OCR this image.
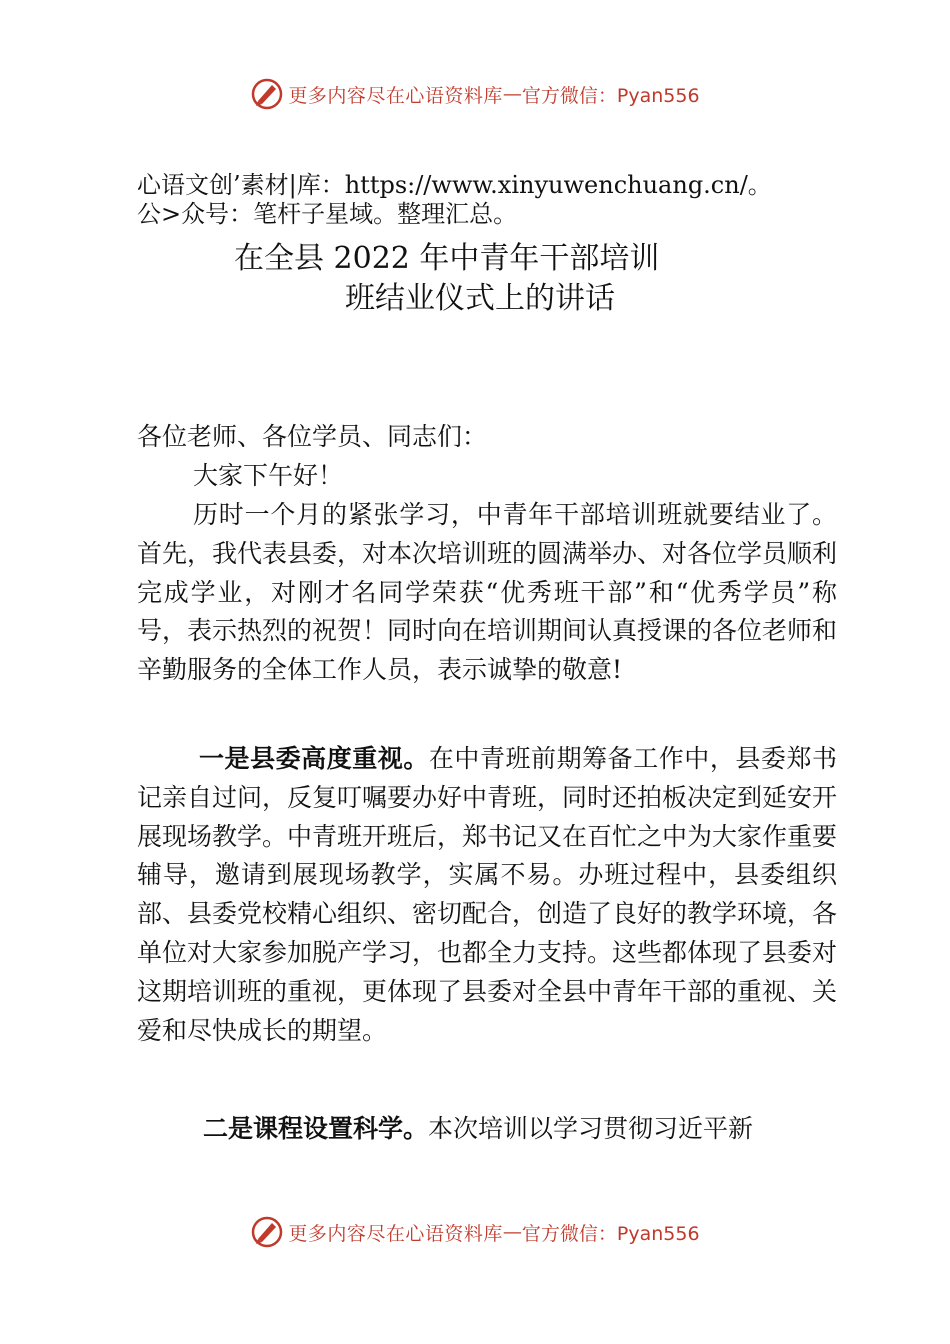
更多内容尽在心语资料库 — 官方微信：Pyan556
心语文创’素材|库：https://www.xinyuwenchuang.cn/。
公>众号：笔杆子星域。整理汇总。
在全县 2022 年中青年干部培训
班结业仪式上的讲话
各位老师、各位学员、同志们：
大家下午好！
历时一个月的紧张学习，中青年干部培训班就要结业了。首先，我代表县委，对本次培训班的圆满举办、对各位学员顺利完成学业，对刚才名同学荣获“优秀班干部”和“优秀学员”称号，表示热烈的祝贺！同时向在培训期间认真授课的各位老师和辛勤服务的全体工作人员，表示诚挚的敬意!
一是县委高度重视。在中青班前期筹备工作中，县委郑书记亲自过问，反复叮嘱要办好中青班，同时还拍板决定到延安开展现场教学。中青班开班后，郑书记又在百忙之中为大家作重要辅导，邀请到展现场教学，实属不易。办班过程中，县委组织部、县委党校精心组织、密切配合，创造了良好的教学环境，各单位对大家参加脱产学习，也都全力支持。这些都体现了县委对这期培训班的重视，更体现了县委对全县中青年干部的重视、关爱和尽快成长的期望。
二是课程设置科学。本次培训以学习贯彻习近平新
更多内容尽在心语资料库 — 官方微信：Pyan556
